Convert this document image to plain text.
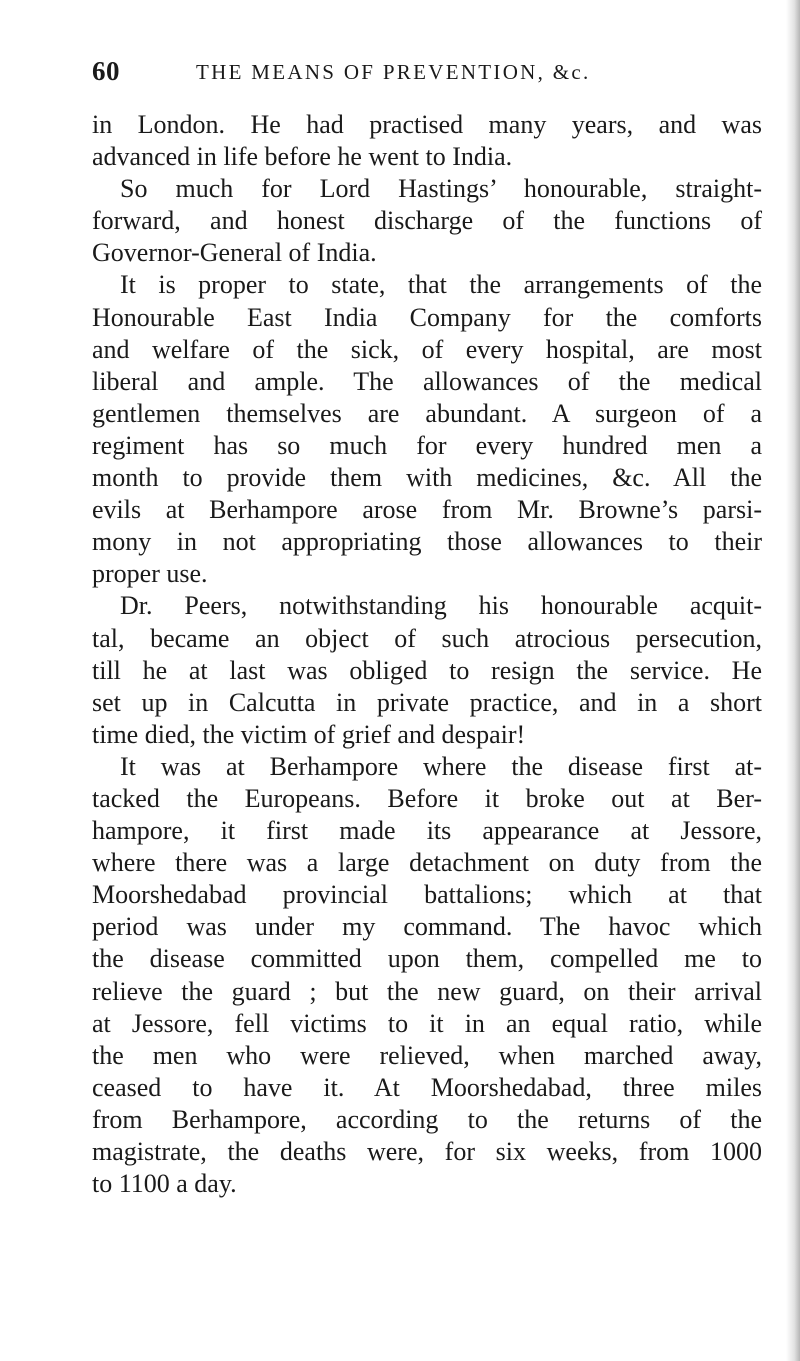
60	THE MEANS OF PREVENTION, &c.
in London. He had practised many years, and was
advanced in life before he went to India.
So much for Lord Hastings’ honourable, straight-
forward, and honest discharge of the functions of
Governor-General of India.
It is proper to state, that the arrangements of the
Honourable East India Company for the comforts
and welfare of the sick, of every hospital, are most
liberal and ample. The allowances of the medical
gentlemen themselves are abundant. A surgeon of a
regiment has so much for every hundred men a
month to provide them with medicines, &c. All the
evils at Berhampore arose from Mr. Browne’s parsi-
mony in not appropriating those allowances to their
proper use.
Dr. Peers, notwithstanding his honourable acquit-
tal, became an object of such atrocious persecution,
till he at last was obliged to resign the service. He
set up in Calcutta in private practice, and in a short
time died, the victim of grief and despair!
It was at Berhampore where the disease first at-
tacked the Europeans. Before it broke out at Ber-
hampore, it first made its appearance at Jessore,
where there was a large detachment on duty from the
Moorshedabad provincial battalions; which at that
period was under my command. The havoc which
the disease committed upon them, compelled me to
relieve the guard ; but the new guard, on their arrival
at Jessore, fell victims to it in an equal ratio, while
the men who were relieved, when marched away,
ceased to have it. At Moorshedabad, three miles
from Berhampore, according to the returns of the
magistrate, the deaths were, for six weeks, from 1000
to 1100 a day.
